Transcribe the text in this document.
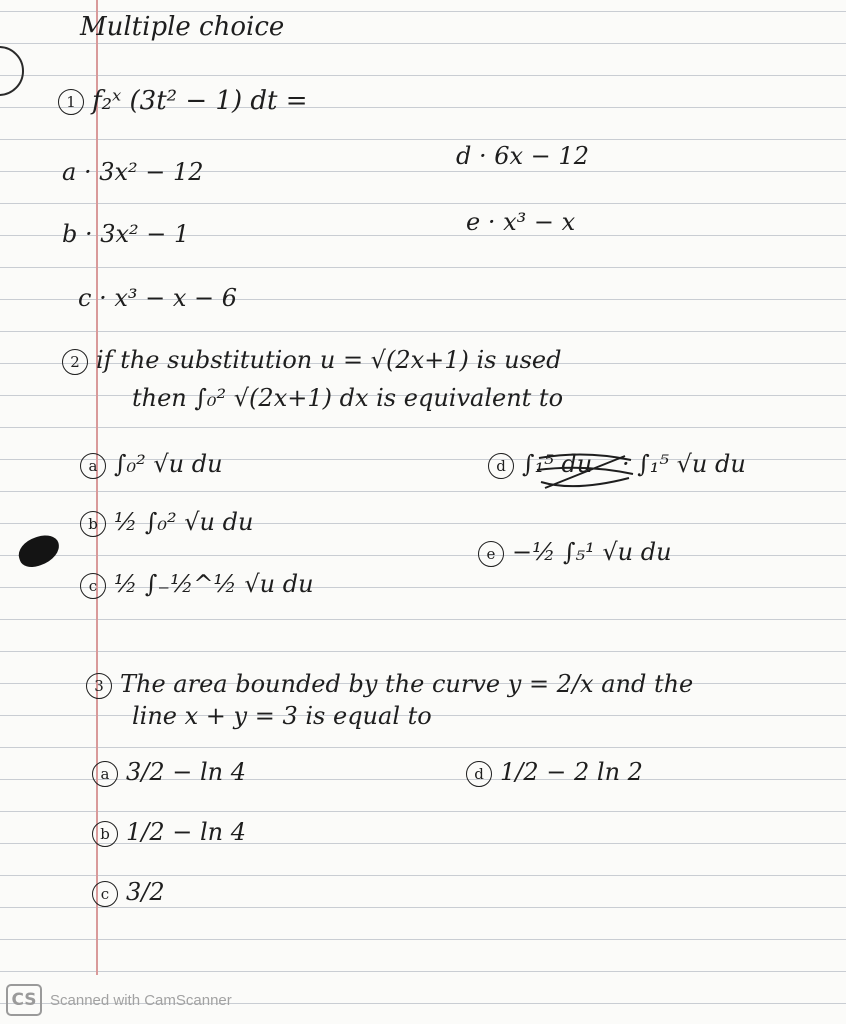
Multiple choice
1 f₂ˣ (3t² − 1) dt =
a · 3x² − 12
b · 3x² − 1
c · x³ − x − 6
d · 6x − 12
e · x³ − x
2 if the substitution u = √(2x+1) is used
then ∫₀² √(2x+1) dx is equivalent to
a ∫₀² √u du
b ½ ∫₀² √u du
c ½ ∫₋½^½ √u du
d ∫₁⁵ du · ∫₁⁵ √u du
e −½ ∫₅¹ √u du
3 The area bounded by the curve y = 2/x and the
line x + y = 3 is equal to
a 3/2 − ln 4
b 1/2 − ln 4
c 3/2
d 1/2 − 2 ln 2
CS Scanned with CamScanner
